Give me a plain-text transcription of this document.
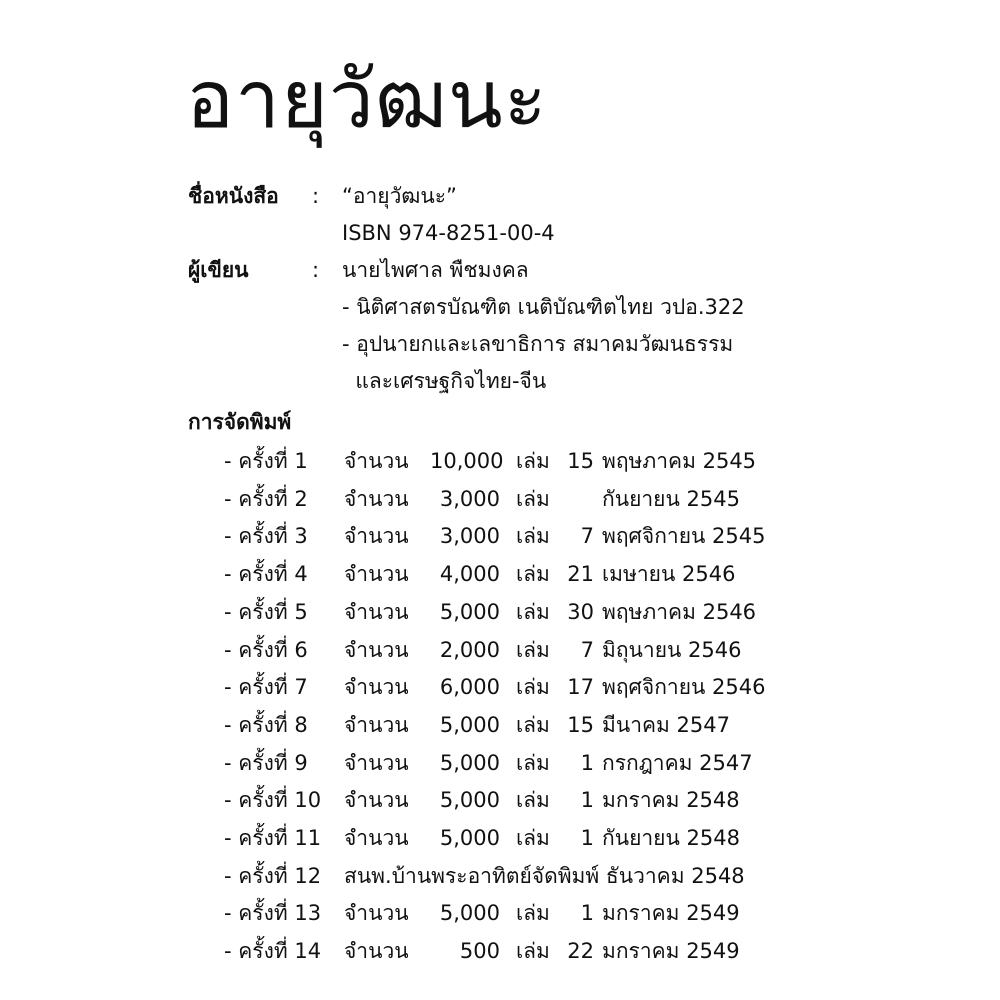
อายุวัฒนะ
ชื่อหนังสือ	:	“อายุวัฒนะ”
ISBN 974-8251-00-4
ผู้เขียน	:	นายไพศาล พืชมงคล
- นิติศาสตรบัณฑิต เนติบัณฑิตไทย วปอ.322
- อุปนายกและเลขาธิการ สมาคมวัฒนธรรม
และเศรษฐกิจไทย-จีน
การจัดพิมพ์
- ครั้งที่ 1	จำนวน	10,000 เล่ม 15 พฤษภาคม 2545
- ครั้งที่ 2	จำนวน	3,000 เล่ม	กันยายน 2545
- ครั้งที่ 3	จำนวน	3,000 เล่ม	7 พฤศจิกายน 2545
- ครั้งที่ 4	จำนวน	4,000 เล่ม 21 เมษายน 2546
- ครั้งที่ 5	จำนวน	5,000 เล่ม 30 พฤษภาคม 2546
- ครั้งที่ 6	จำนวน	2,000 เล่ม	7 มิถุนายน 2546
- ครั้งที่ 7	จำนวน	6,000 เล่ม 17 พฤศจิกายน 2546
- ครั้งที่ 8	จำนวน	5,000 เล่ม 15 มีนาคม 2547
- ครั้งที่ 9	จำนวน	5,000 เล่ม	1 กรกฎาคม 2547
- ครั้งที่ 10	จำนวน	5,000 เล่ม	1 มกราคม 2548
- ครั้งที่ 11	จำนวน	5,000 เล่ม	1 กันยายน 2548
- ครั้งที่ 12	สนพ.บ้านพระอาทิตย์จัดพิมพ์ ธันวาคม 2548
- ครั้งที่ 13	จำนวน	5,000 เล่ม	1 มกราคม 2549
- ครั้งที่ 14	จำนวน	500 เล่ม 22 มกราคม 2549
